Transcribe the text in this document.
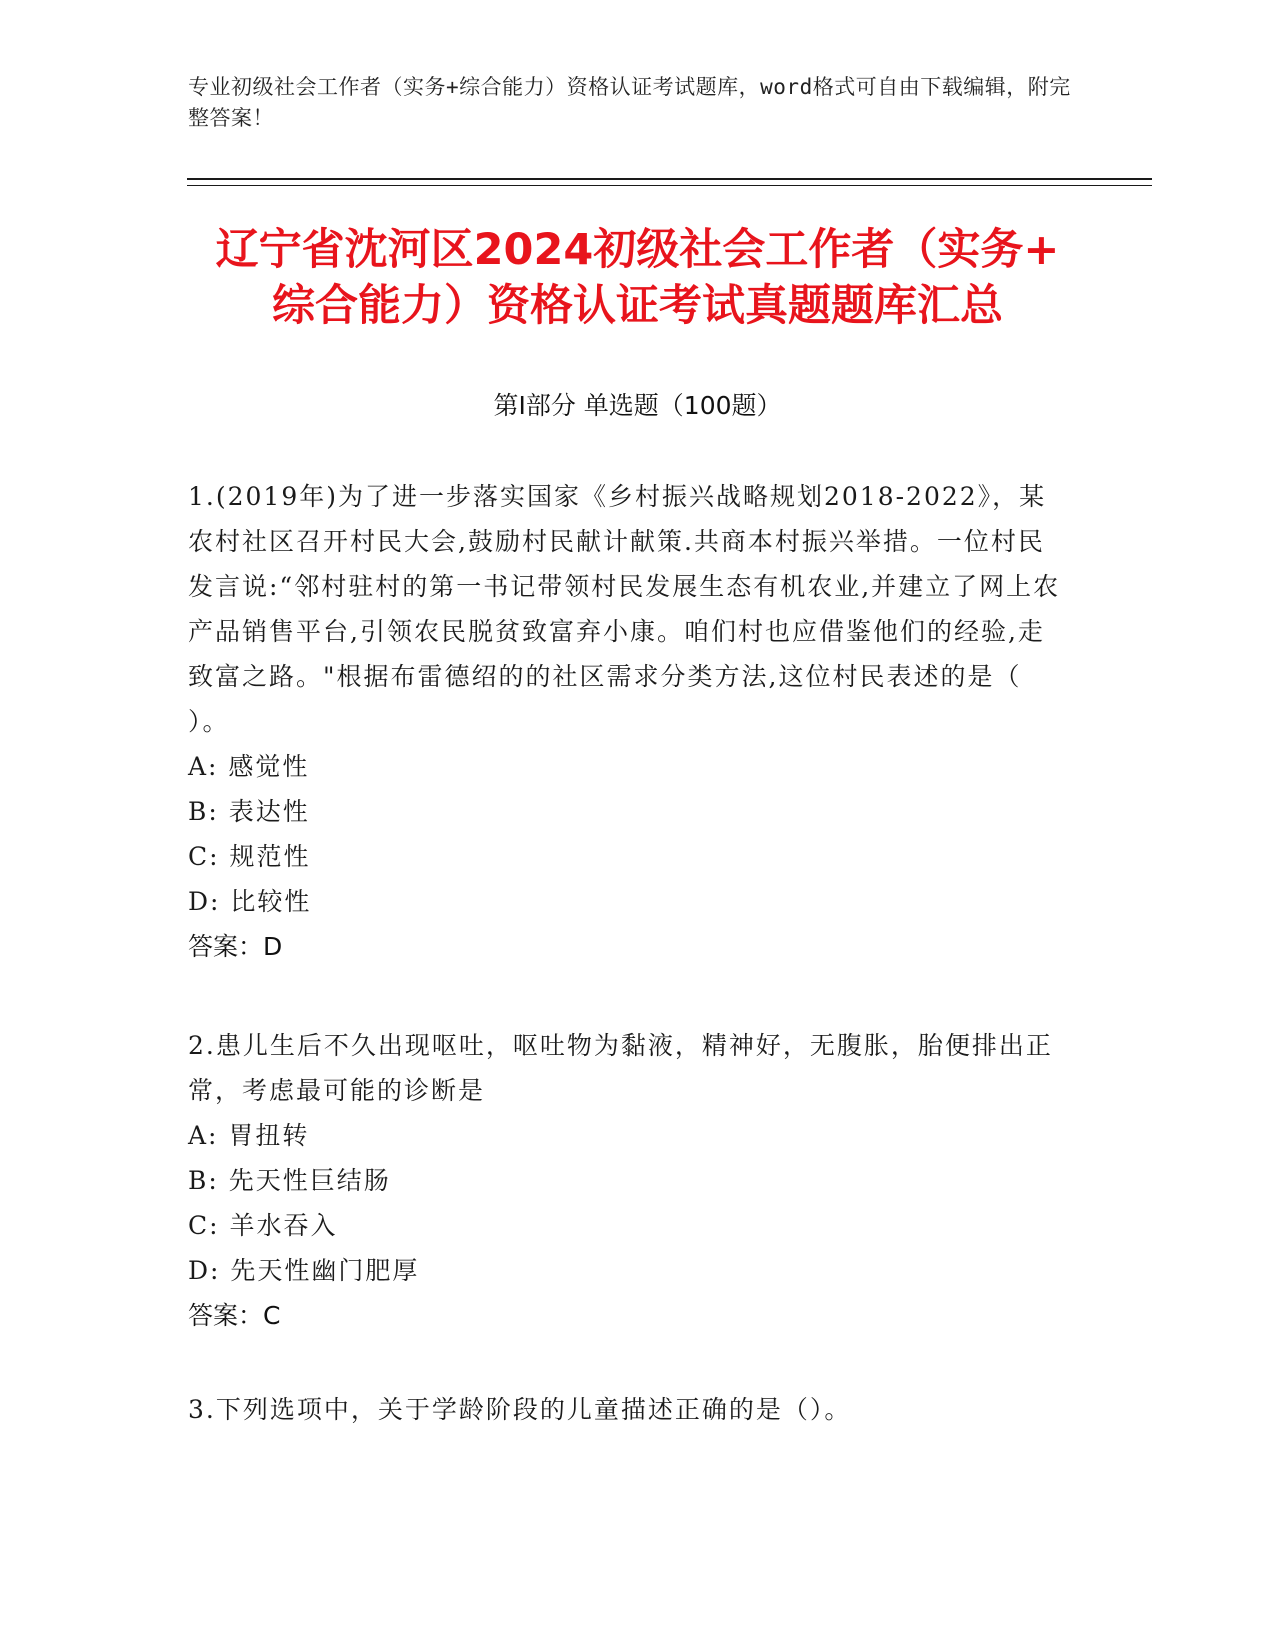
专业初级社会工作者（实务+综合能力）资格认证考试题库，word格式可自由下载编辑，附完整答案！
辽宁省沈河区2024初级社会工作者（实务+
综合能力）资格认证考试真题题库汇总
第Ⅰ部分 单选题（100题）
1.(2019年)为了进一步落实国家《乡村振兴战略规划2018-2022》，某农村社区召开村民大会,鼓励村民献计献策.共商本村振兴举措。一位村民发言说:“邻村驻村的第一书记带领村民发展生态有机农业,并建立了网上农产品销售平台,引领农民脱贫致富弃小康。咱们村也应借鉴他们的经验,走致富之路。"根据布雷德绍的的社区需求分类方法,这位村民表述的是（ ）。
A: 感觉性
B: 表达性
C: 规范性
D: 比较性
答案：D
2.患儿生后不久出现呕吐，呕吐物为黏液，精神好，无腹胀，胎便排出正常，考虑最可能的诊断是
A: 胃扭转
B: 先天性巨结肠
C: 羊水吞入
D: 先天性幽门肥厚
答案：C
3.下列选项中，关于学龄阶段的儿童描述正确的是（）。
